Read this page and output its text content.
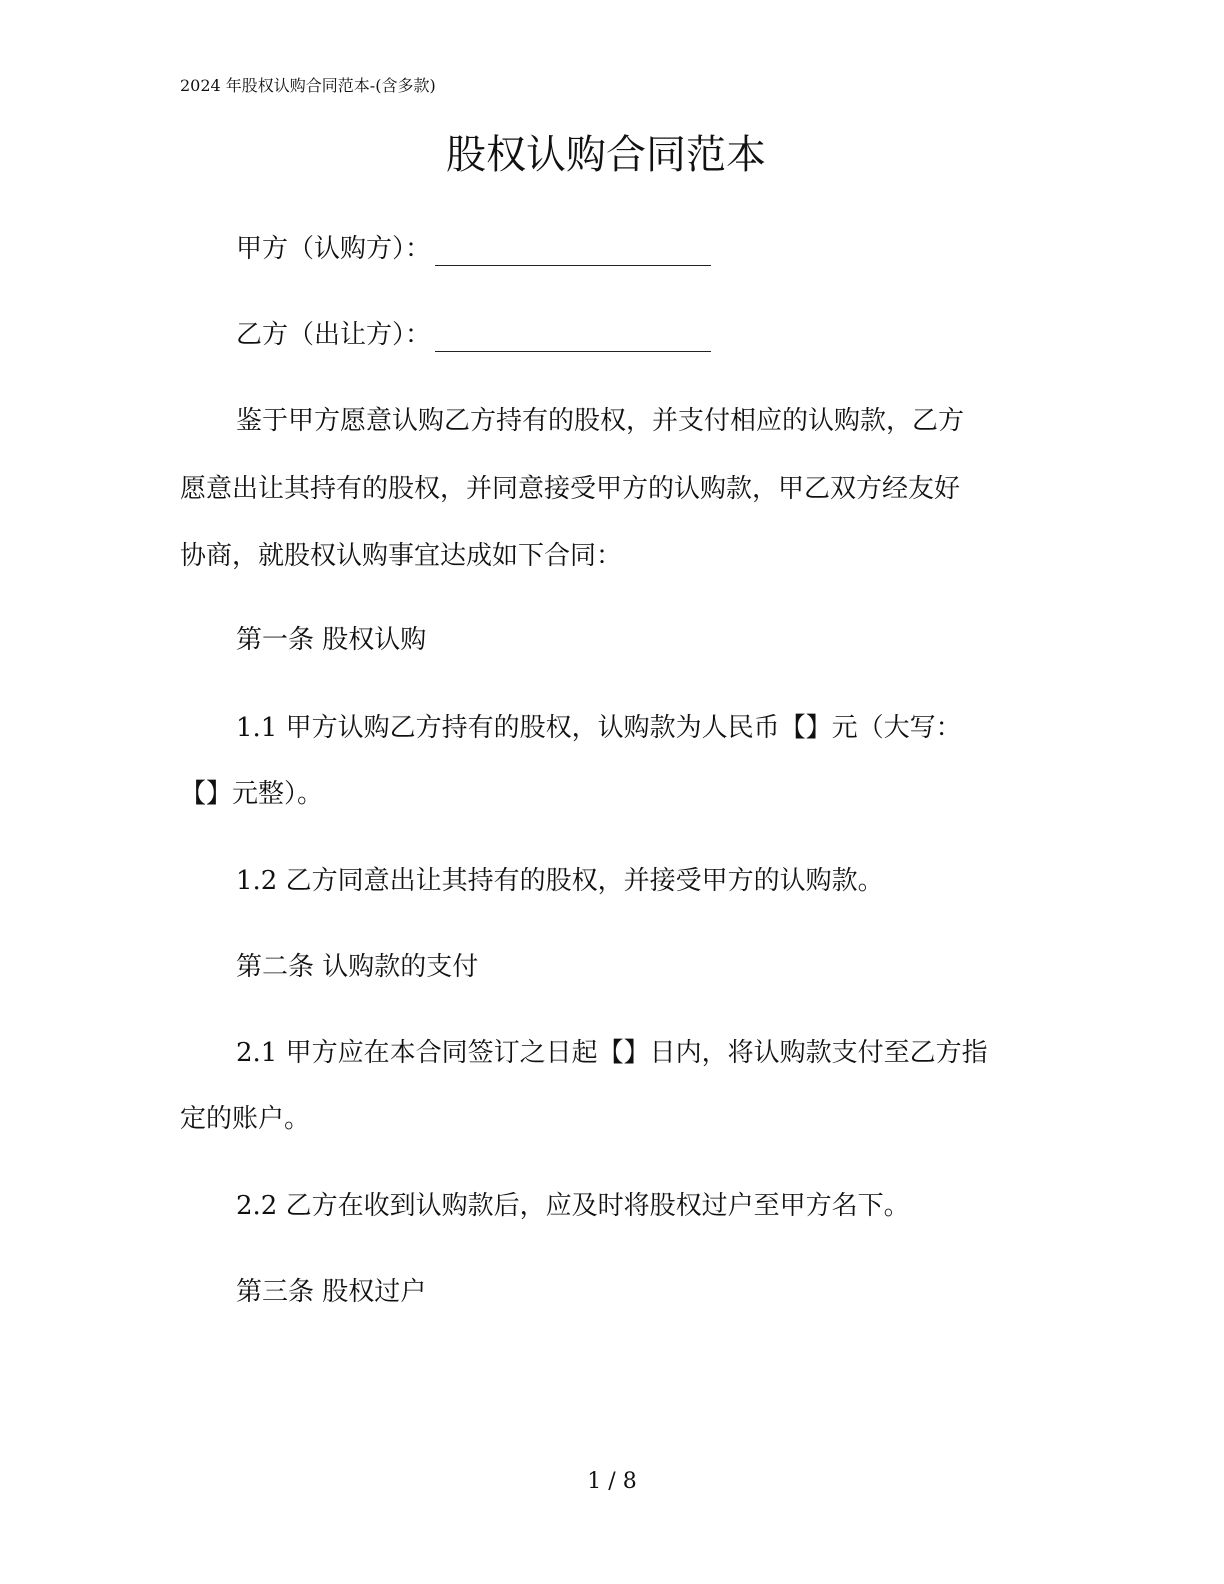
2024 年股权认购合同范本-(含多款)
股权认购合同范本
甲方（认购方）：
乙方（出让方）：
鉴于甲方愿意认购乙方持有的股权，并支付相应的认购款，乙方
愿意出让其持有的股权，并同意接受甲方的认购款，甲乙双方经友好
协商，就股权认购事宜达成如下合同：
第一条 股权认购
1.1 甲方认购乙方持有的股权，认购款为人民币【】元（大写：
【】元整）。
1.2 乙方同意出让其持有的股权，并接受甲方的认购款。
第二条 认购款的支付
2.1 甲方应在本合同签订之日起【】日内，将认购款支付至乙方指
定的账户。
2.2 乙方在收到认购款后，应及时将股权过户至甲方名下。
第三条 股权过户
1 / 8
